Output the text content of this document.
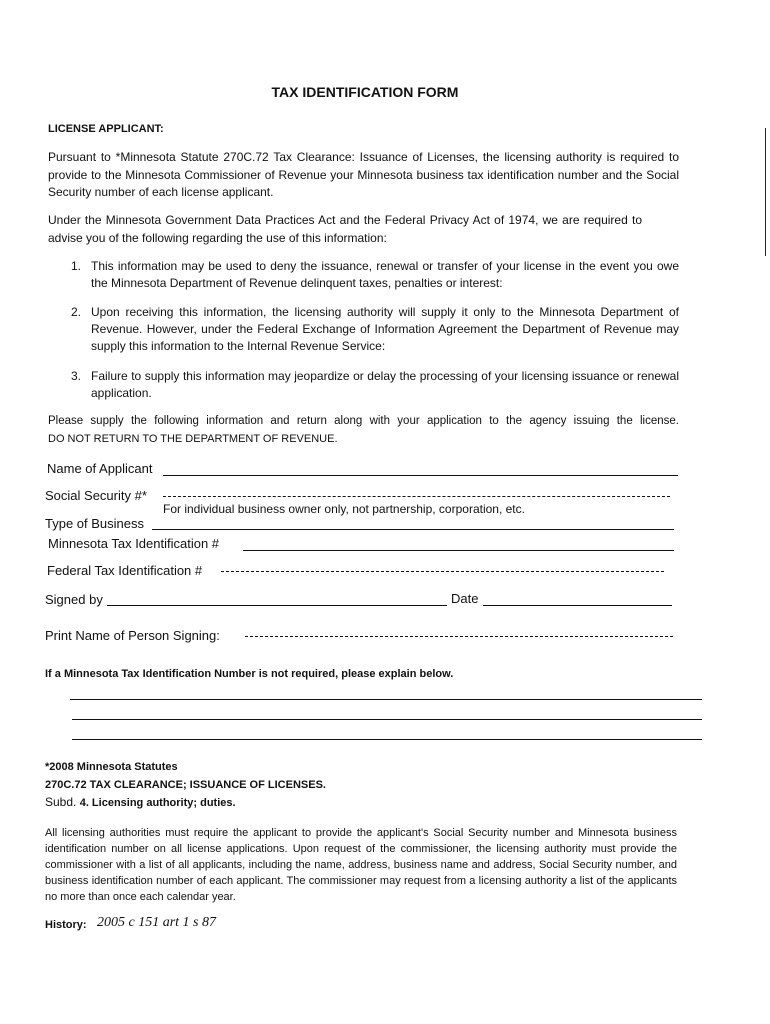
TAX IDENTIFICATION FORM
LICENSE APPLICANT:
Pursuant to *Minnesota Statute 270C.72 Tax Clearance: Issuance of Licenses, the licensing authority is required to provide to the Minnesota Commissioner of Revenue your Minnesota business tax identification number and the Social Security number of each license applicant.
Under the Minnesota Government Data Practices Act and the Federal Privacy Act of 1974, we are required to advise you of the following regarding the use of this information:
1. This information may be used to deny the issuance, renewal or transfer of your license in the event you owe the Minnesota Department of Revenue delinquent taxes, penalties or interest:
2. Upon receiving this information, the licensing authority will supply it only to the Minnesota Department of Revenue. However, under the Federal Exchange of Information Agreement the Department of Revenue may supply this information to the Internal Revenue Service:
3. Failure to supply this information may jeopardize or delay the processing of your licensing issuance or renewal application.
Please supply the following information and return along with your application to the agency issuing the license.
DO NOT RETURN TO THE DEPARTMENT OF REVENUE.
Name of Applicant
Social Security #*
For individual business owner only, not partnership, corporation, etc.
Type of Business
Minnesota Tax Identification #
Federal Tax Identification #
Signed by	Date
Print Name of Person Signing:
If a Minnesota Tax Identification Number is not required, please explain below.
*2008 Minnesota Statutes
270C.72 TAX CLEARANCE; ISSUANCE OF LICENSES.
Subd. 4. Licensing authority; duties.
All licensing authorities must require the applicant to provide the applicant's Social Security number and Minnesota business identification number on all license applications. Upon request of the commissioner, the licensing authority must provide the commissioner with a list of all applicants, including the name, address, business name and address, Social Security number, and business identification number of each applicant. The commissioner may request from a licensing authority a list of the applicants no more than once each calendar year.
History: 2005 c 151 art 1 s 87
